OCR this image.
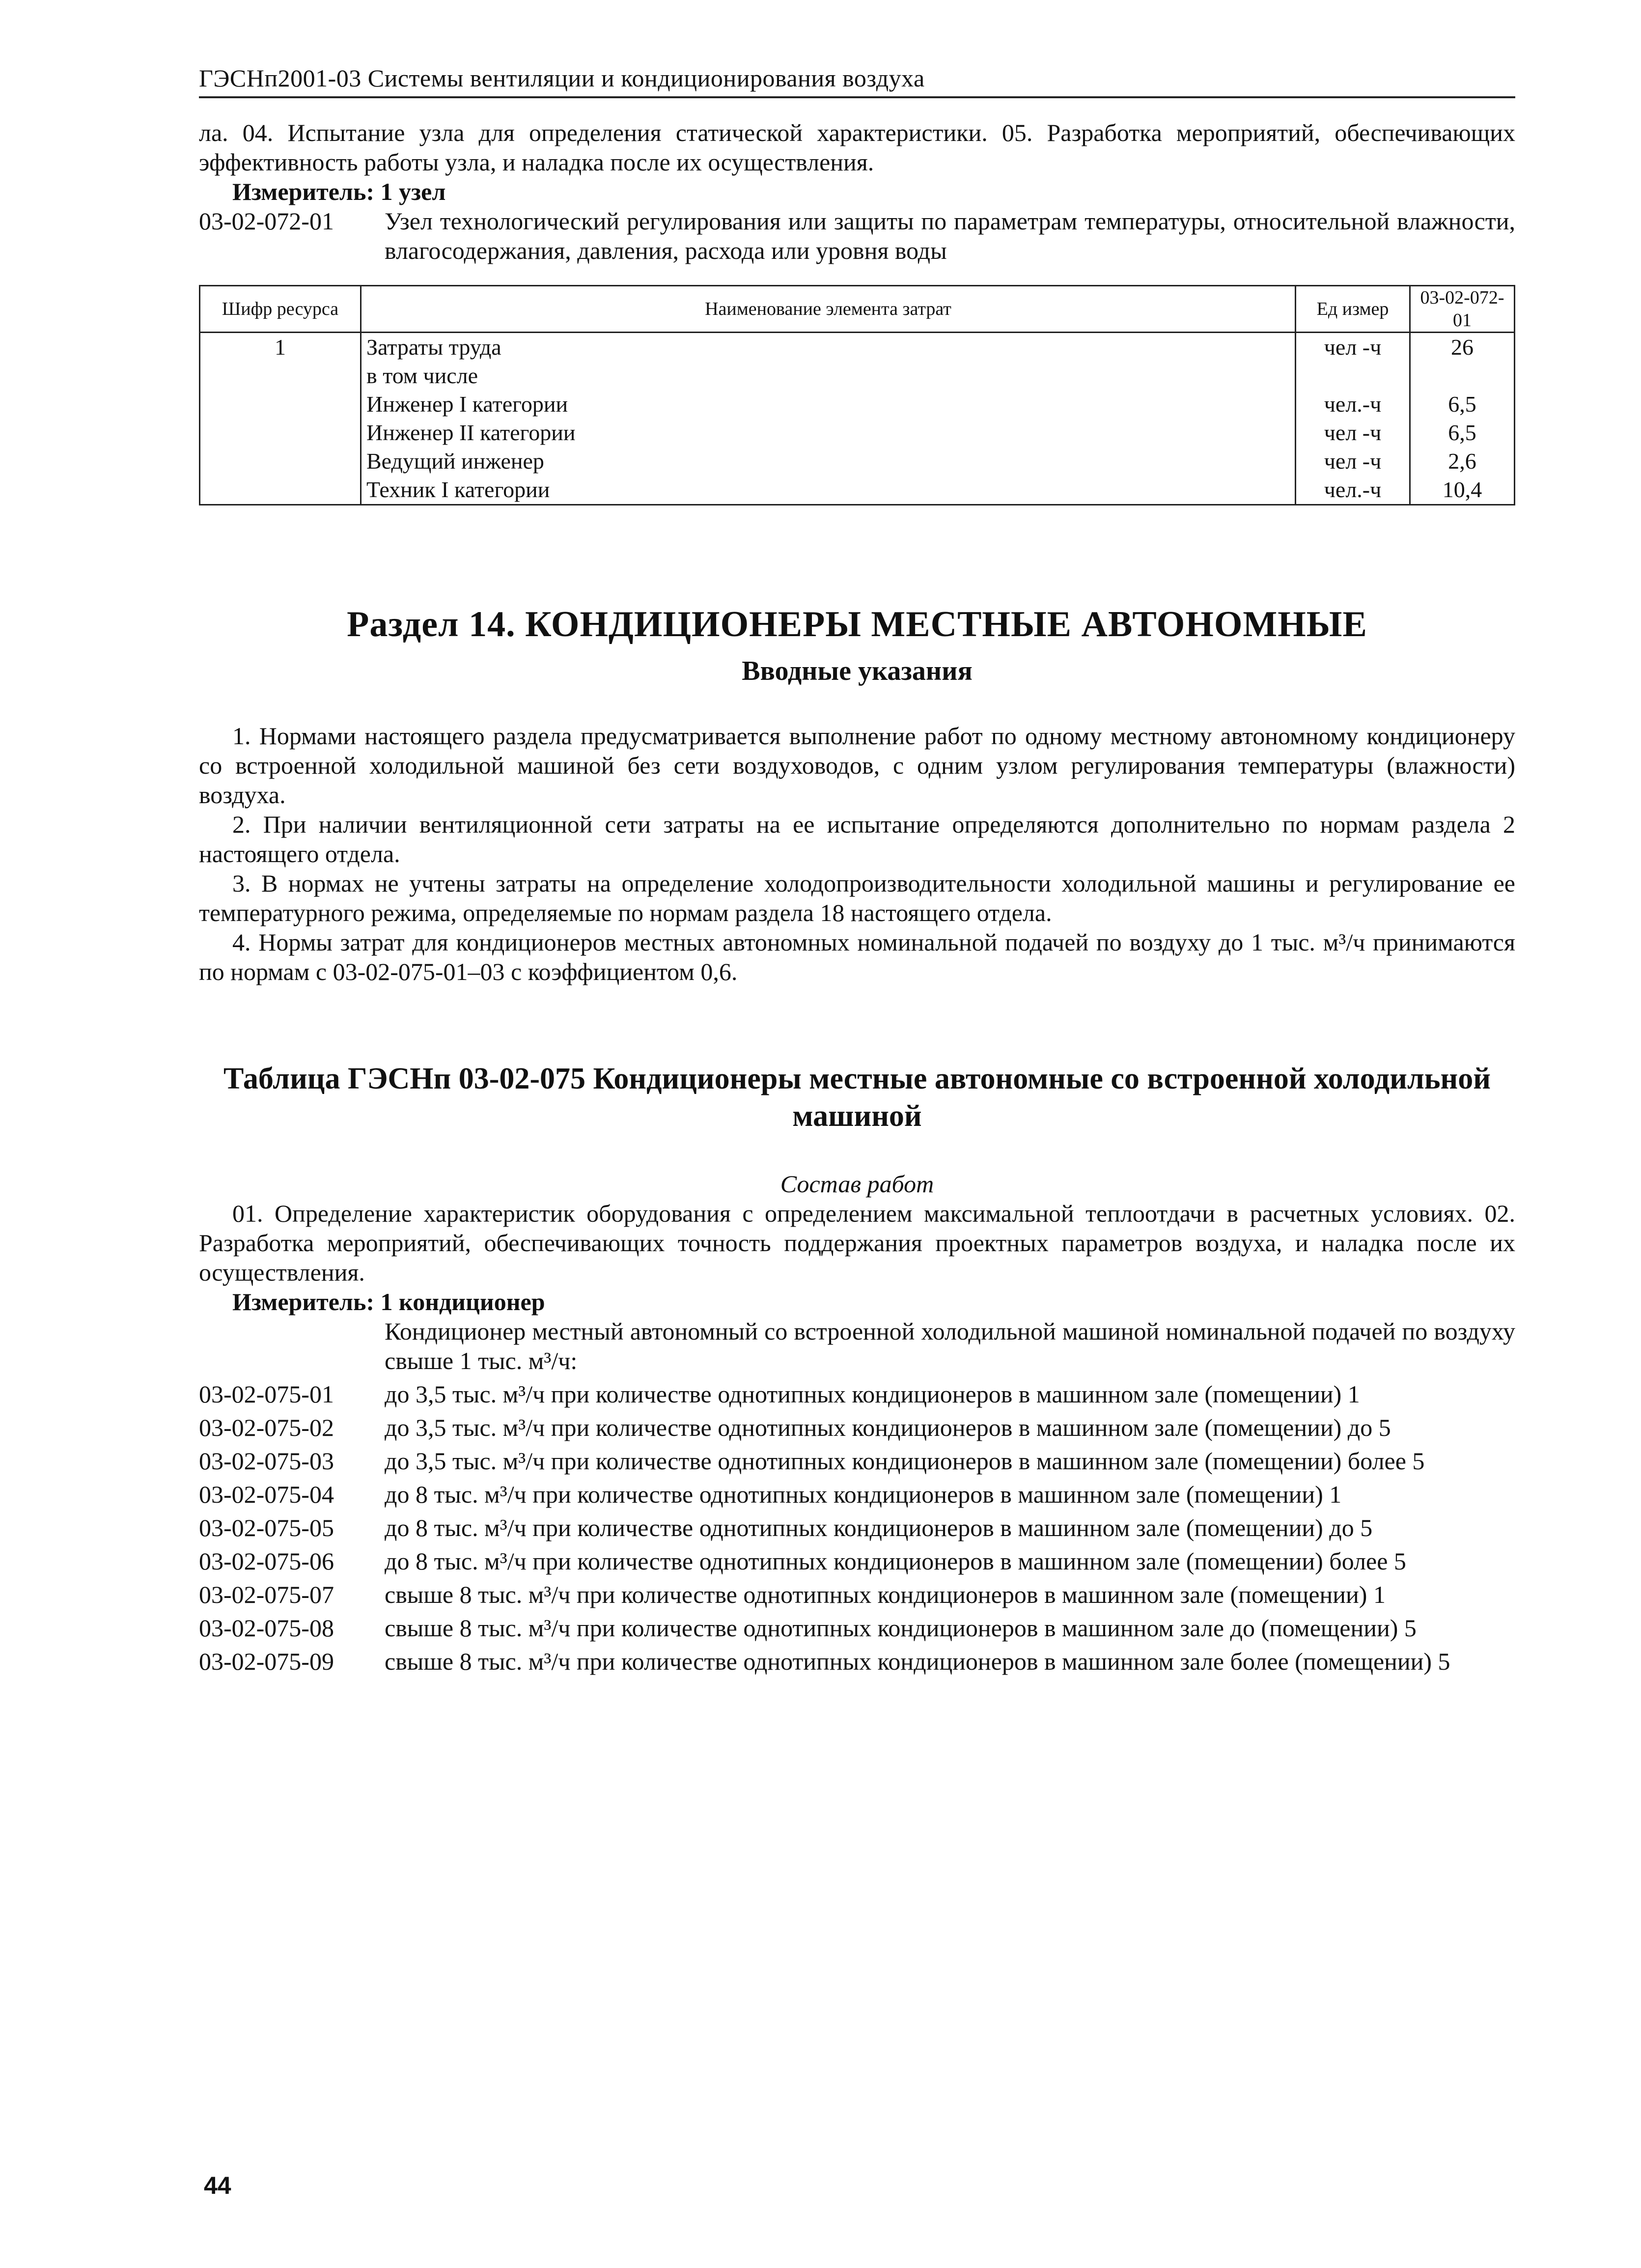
ГЭСНп2001-03 Системы вентиляции и кондиционирования воздуха
ла. 04. Испытание узла для определения статической характеристики. 05. Разработка мероприятий, обеспечивающих эффективность работы узла, и наладка после их осуществления.
Измеритель: 1 узел
03-02-072-01	Узел технологический регулирования или защиты по параметрам температуры, относительной влажности, влагосодержания, давления, расхода или уровня воды
Шифр ресурса	Наименование элемента затрат	Ед измер	03-02-072-01
1	Затраты труда	чел -ч	26
	в том числе		
	Инженер I категории	чел.-ч	6,5
	Инженер II категории	чел -ч	6,5
	Ведущий инженер	чел -ч	2,6
	Техник I категории	чел.-ч	10,4
Раздел 14. КОНДИЦИОНЕРЫ МЕСТНЫЕ АВТОНОМНЫЕ
Вводные указания
1. Нормами настоящего раздела предусматривается выполнение работ по одному местному автономному кондиционеру со встроенной холодильной машиной без сети воздуховодов, с одним узлом регулирования температуры (влажности) воздуха.
2. При наличии вентиляционной сети затраты на ее испытание определяются дополнительно по нормам раздела 2 настоящего отдела.
3. В нормах не учтены затраты на определение холодопроизводительности холодильной машины и регулирование ее температурного режима, определяемые по нормам раздела 18 настоящего отдела.
4. Нормы затрат для кондиционеров местных автономных номинальной подачей по воздуху до 1 тыс. м³/ч принимаются по нормам с 03-02-075-01–03 с коэффициентом 0,6.
Таблица ГЭСНп 03-02-075 Кондиционеры местные автономные со встроенной холодильной машиной
Состав работ
01. Определение характеристик оборудования с определением максимальной теплоотдачи в расчетных условиях. 02. Разработка мероприятий, обеспечивающих точность поддержания проектных параметров воздуха, и наладка после их осуществления.
Измеритель: 1 кондиционер
Кондиционер местный автономный со встроенной холодильной машиной номинальной подачей по воздуху свыше 1 тыс. м³/ч:
03-02-075-01	до 3,5 тыс. м³/ч при количестве однотипных кондиционеров в машинном зале (помещении) 1
03-02-075-02	до 3,5 тыс. м³/ч при количестве однотипных кондиционеров в машинном зале (помещении) до 5
03-02-075-03	до 3,5 тыс. м³/ч при количестве однотипных кондиционеров в машинном зале (помещении) более 5
03-02-075-04	до 8 тыс. м³/ч при количестве однотипных кондиционеров в машинном зале (помещении) 1
03-02-075-05	до 8 тыс. м³/ч при количестве однотипных кондиционеров в машинном зале (помещении) до 5
03-02-075-06	до 8 тыс. м³/ч при количестве однотипных кондиционеров в машинном зале (помещении) более 5
03-02-075-07	свыше 8 тыс. м³/ч при количестве однотипных кондиционеров в машинном зале (помещении) 1
03-02-075-08	свыше 8 тыс. м³/ч при количестве однотипных кондиционеров в машинном зале до (помещении) 5
03-02-075-09	свыше 8 тыс. м³/ч при количестве однотипных кондиционеров в машинном зале более (помещении) 5
44
